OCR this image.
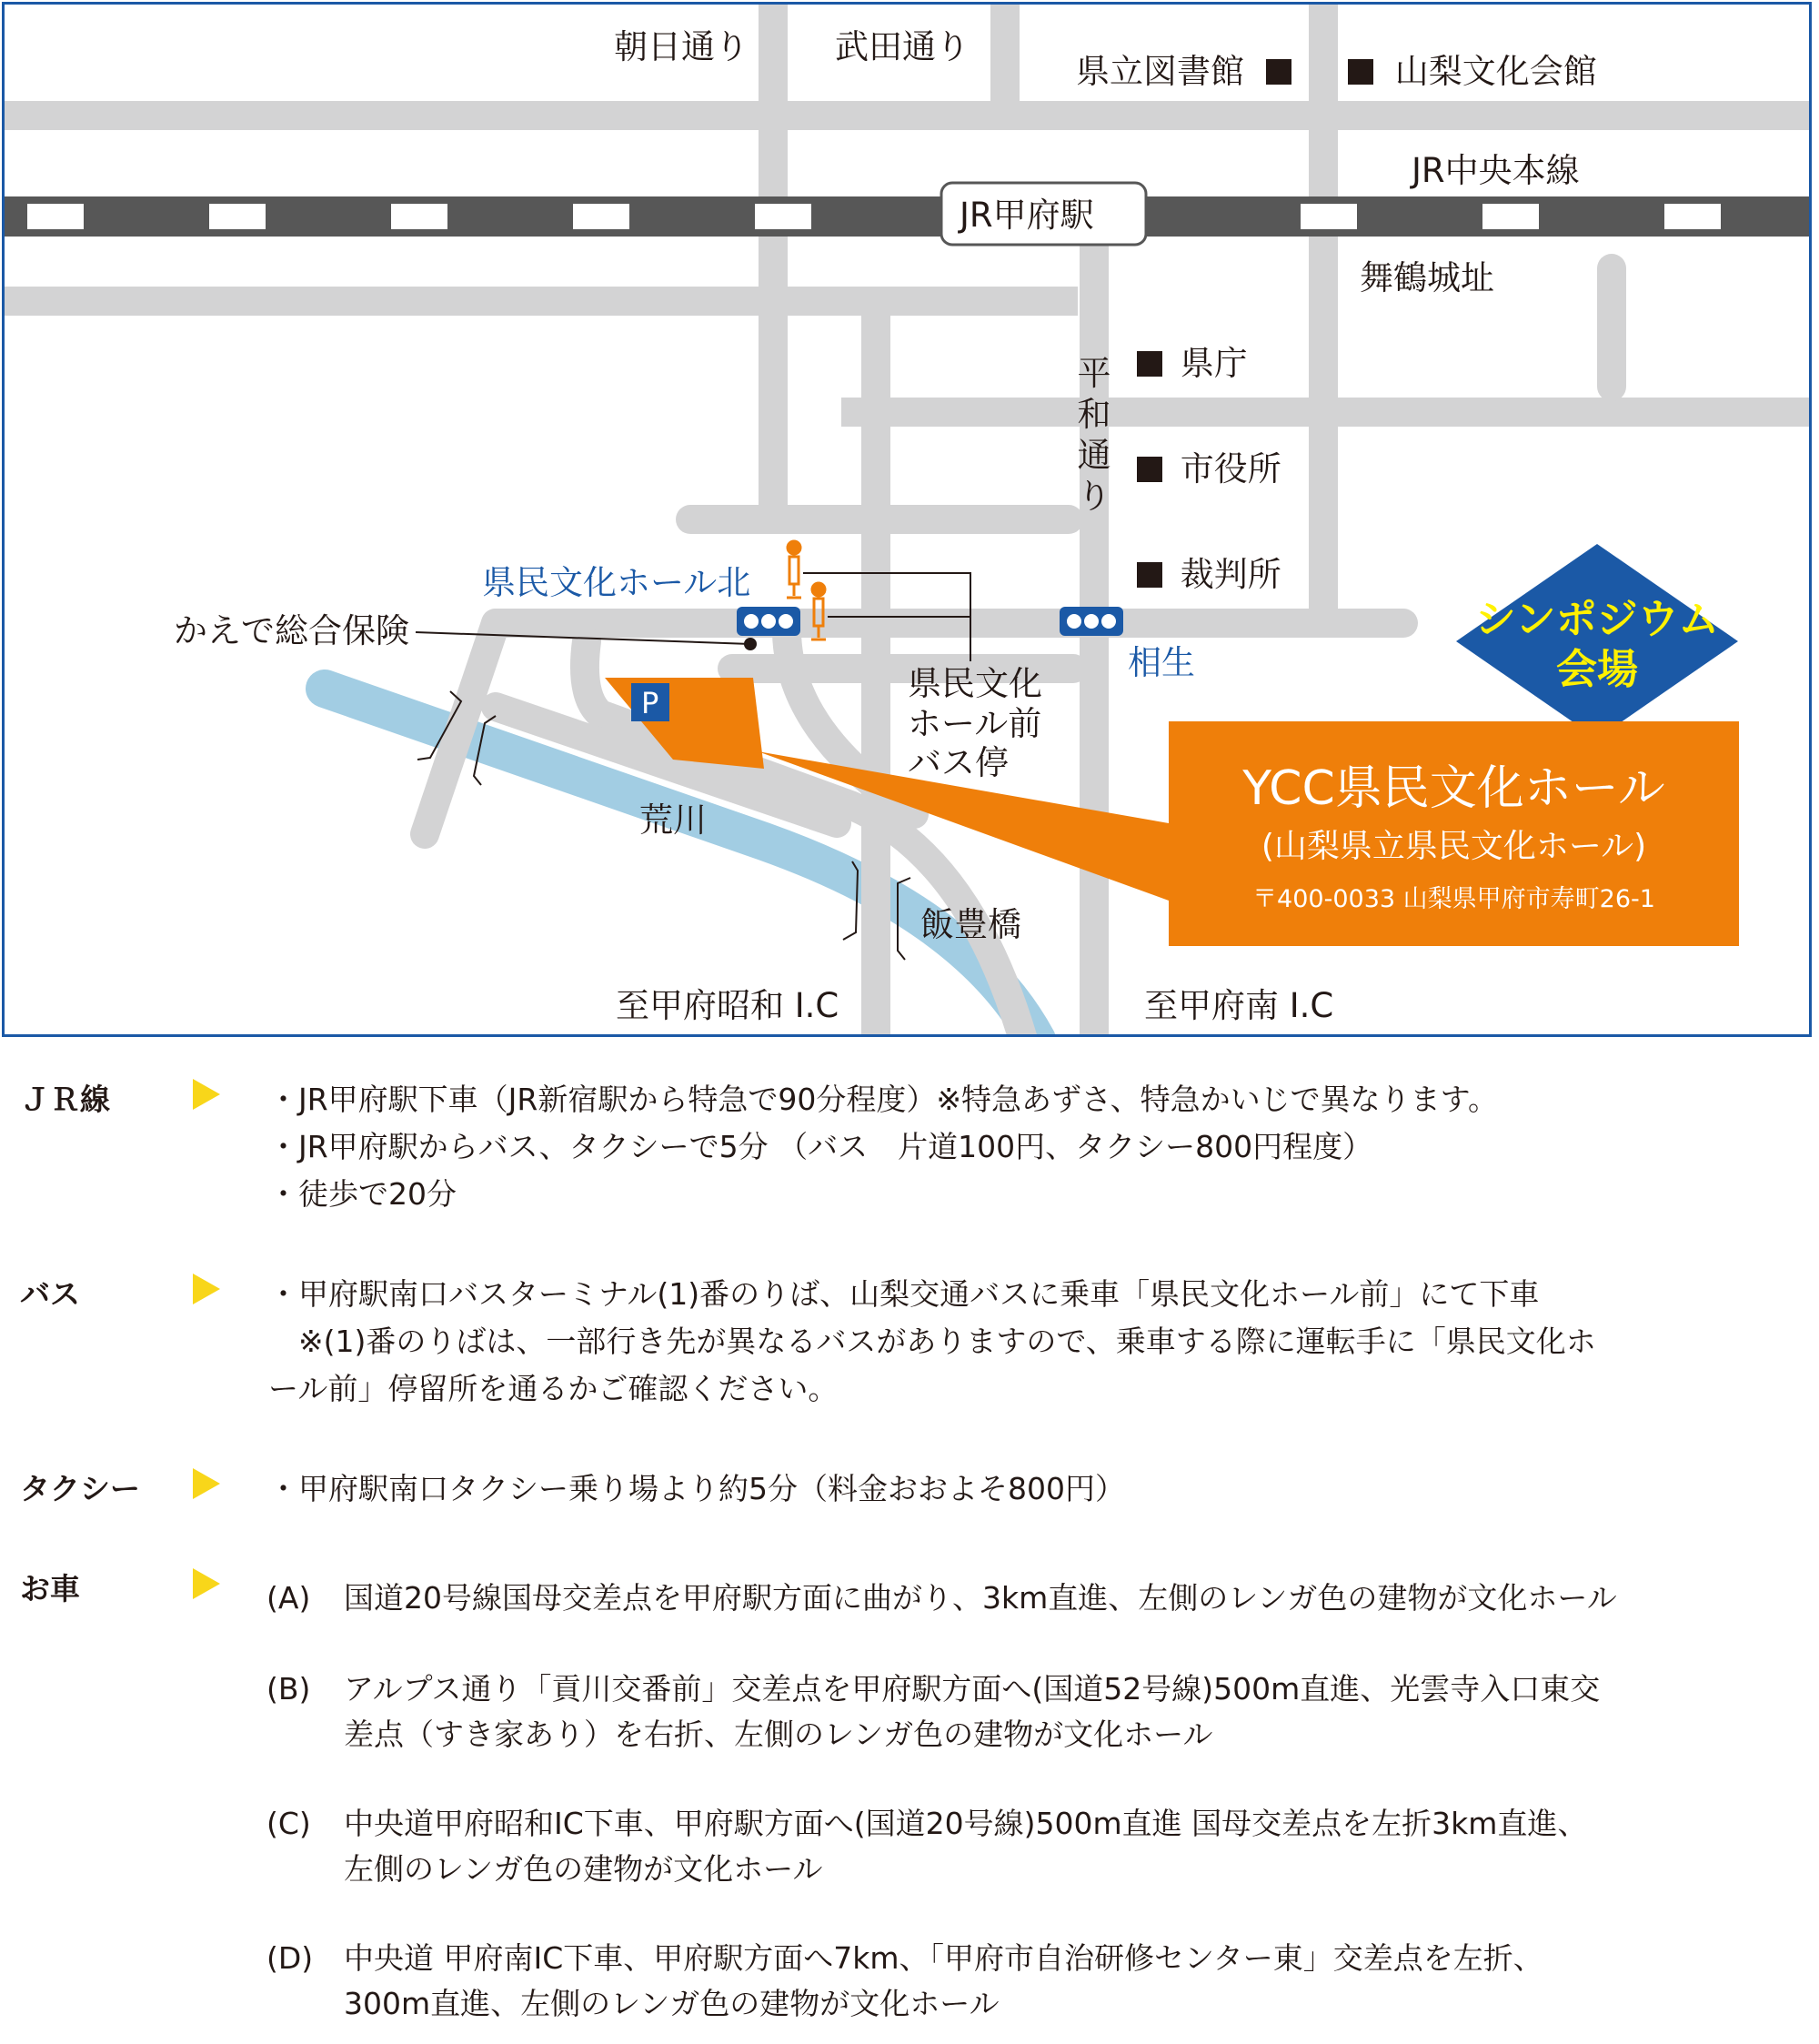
朝日通り	武田通り
県立図書館	山梨文化会館
JR中央本線
JR甲府駅
舞鶴城址
平
和
通
り
県庁
市役所
裁判所
県民文化ホール北
相生
かえで総合保険
県民文化
ホール前
バス停
P
荒川
飯豊橋
至甲府昭和 I.C	至甲府南 I.C
シンポジウム
会場
YCC県民文化ホール
(山梨県立県民文化ホール)
〒400-0033 山梨県甲府市寿町26-1
ＪＲ線	・JR甲府駅下車（JR新宿駅から特急で90分程度）※特急あずさ、特急かいじで異なります。
・JR甲府駅からバス、タクシーで5分 （バス　片道100円、タクシー800円程度）
・徒歩で20分
バス	・甲府駅南口バスターミナル(1)番のりば、山梨交通バスに乗車「県民文化ホール前」にて下車
　※(1)番のりばは、一部行き先が異なるバスがありますので、乗車する際に運転手に「県民文化ホ
ール前」停留所を通るかご確認ください。
タクシー	・甲府駅南口タクシー乗り場より約5分（料金おおよそ800円）
お車	(A) 国道20号線国母交差点を甲府駅方面に曲がり、3km直進、左側のレンガ色の建物が文化ホール
(B) アルプス通り「貢川交番前」交差点を甲府駅方面へ(国道52号線)500m直進、光雲寺入口東交
差点（すき家あり）を右折、左側のレンガ色の建物が文化ホール
(C) 中央道甲府昭和IC下車、甲府駅方面へ(国道20号線)500m直進 国母交差点を左折3km直進、
左側のレンガ色の建物が文化ホール
(D) 中央道 甲府南IC下車、甲府駅方面へ7km、「甲府市自治研修センター東」交差点を左折、
300m直進、左側のレンガ色の建物が文化ホール
